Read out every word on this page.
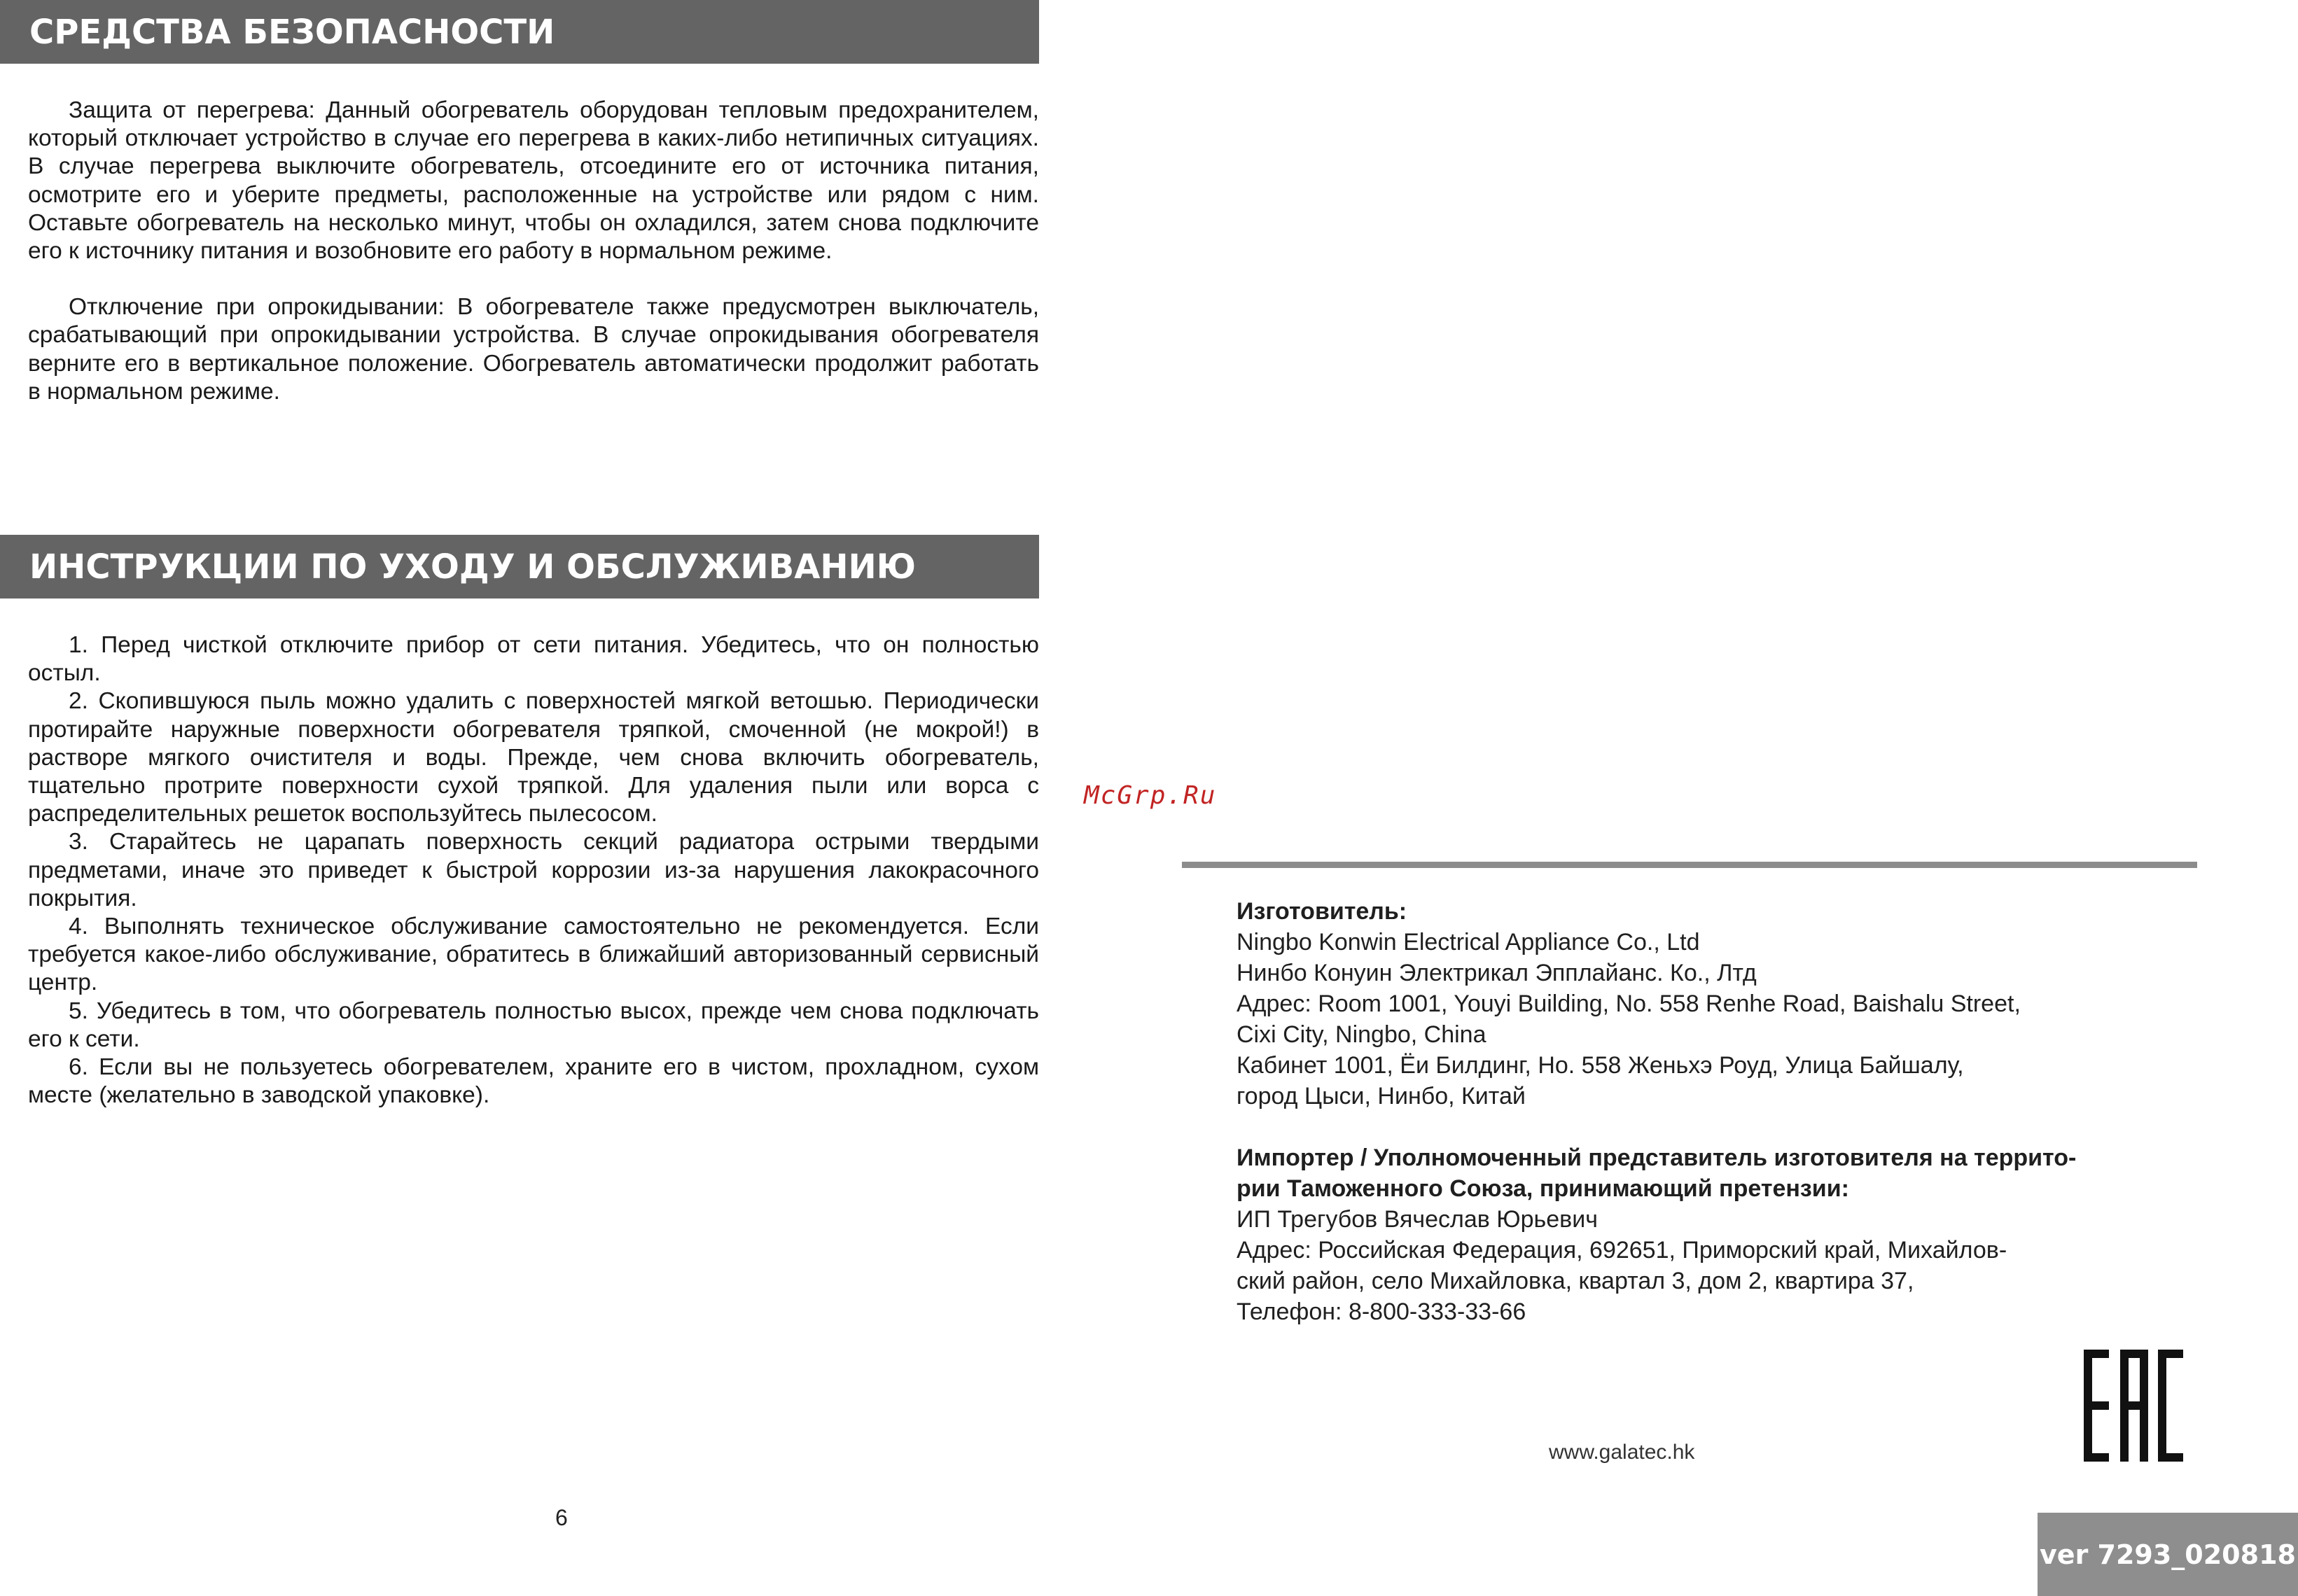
СРЕДСТВА БЕЗОПАСНОСТИ

Защита от перегрева: Данный обогреватель оборудован тепловым предохранителем, который отключает устройство в случае его перегрева в каких-либо нетипичных ситуациях. В случае перегрева выключите обогреватель, отсоедините его от источника питания, осмотрите его и уберите предметы, расположенные на устройстве или рядом с ним. Оставьте обогреватель на несколько минут, чтобы он охладился, затем снова подключите его к источнику питания и возобновите его работу в нормальном режиме.

Отключение при опрокидывании: В обогревателе также предусмотрен выключатель, срабатывающий при опрокидывании устройства. В случае опрокидывания обогревателя верните его в вертикальное положение. Обогреватель автоматически продолжит работать в нормальном режиме.

ИНСТРУКЦИИ ПО УХОДУ И ОБСЛУЖИВАНИЮ

1. Перед чисткой отключите прибор от сети питания. Убедитесь, что он полностью остыл.

2. Скопившуюся пыль можно удалить с поверхностей мягкой ветошью. Периодически протирайте наружные поверхности обогревателя тряпкой, смоченной (не мокрой!) в растворе мягкого очистителя и воды. Прежде, чем снова включить обогреватель, тщательно протрите поверхности сухой тряпкой. Для удаления пыли или ворса с распределительных решеток воспользуйтесь пылесосом.

3. Старайтесь не царапать поверхность секций радиатора острыми твердыми предметами, иначе это приведет к быстрой коррозии из-за нарушения лакокрасочного покрытия.

4. Выполнять техническое обслуживание самостоятельно не рекомендуется. Если требуется какое-либо обслуживание, обратитесь в ближайший авторизованный сервисный центр.

5. Убедитесь в том, что обогреватель полностью высох, прежде чем снова подключать его к сети.

6. Если вы не пользуетесь обогревателем, храните его в чистом, прохладном, сухом месте (желательно в заводской упаковке).

McGrp.Ru
Изготовитель:
Ningbo Konwin Electrical Appliance Co., Ltd
Нинбо Конуин Электрикал Эпплайанс. Ко., Лтд
Адрес: Room 1001, Youyi Building, No. 558 Renhe Road, Baishalu Street,
Cixi City, Ningbo, China
Кабинет 1001, Ёи Билдинг, Но. 558 Женьхэ Роуд, Улица Байшалу,
город Цыси, Нинбо, Китай
Импортер / Уполномоченный представитель изготовителя на террито-
рии Таможенного Союза, принимающий претензии:
ИП Трегубов Вячеслав Юрьевич
Адрес: Российская Федерация, 692651, Приморский край, Михайлов-
ский район, село Михайловка, квартал 3, дом 2, квартира 37,
Телефон: 8-800-333-33-66
www.galatec.hk
6
ver 7293_020818
